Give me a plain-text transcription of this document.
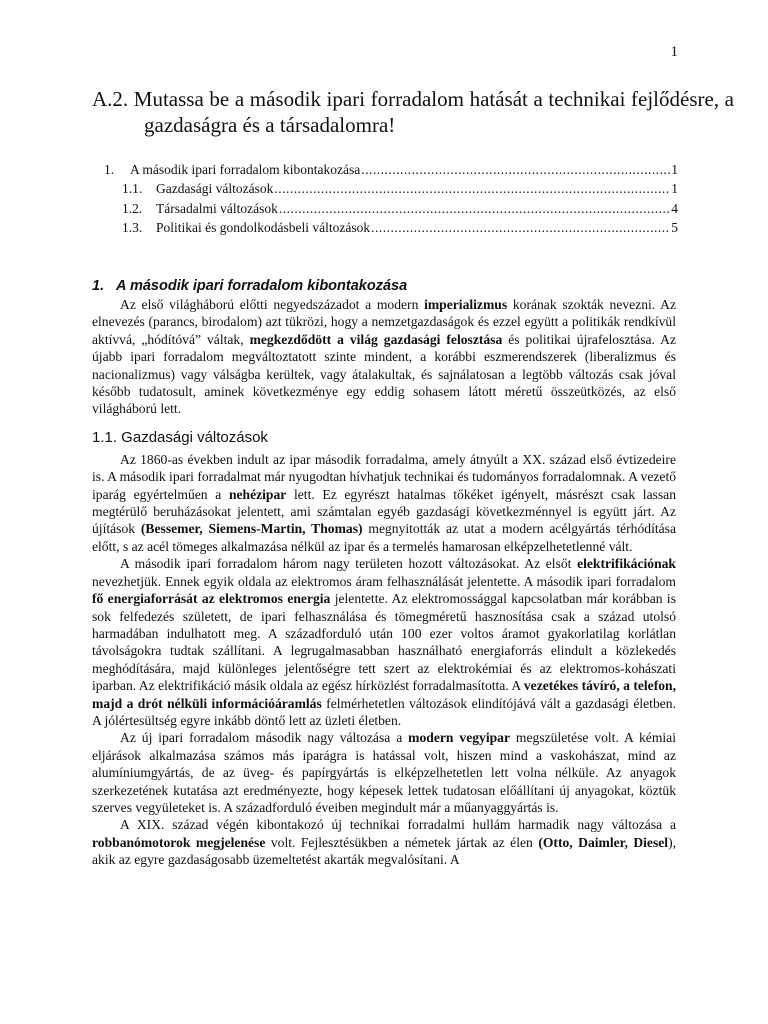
1
A.2. Mutassa be a második ipari forradalom hatását a technikai fejlődésre, a gazdaságra és a társadalomra!
1.	A második ipari forradalom kibontakozása .....	1
1.1.	Gazdasági változások .....	1
1.2.	Társadalmi változások .....	4
1.3.	Politikai és gondolkodásbeli változások .....	5
1. A második ipari forradalom kibontakozása

Az első világháború előtti negyedszázadot a modern imperializmus korának szokták nevezni. Az elnevezés (parancs, birodalom) azt tükrözi, hogy a nemzetgazdaságok és ezzel együtt a politikák rendkívül aktívvá, „hódítóvá” váltak, megkezdődött a világ gazdasági felosztása és politikai újrafelosztása. Az újabb ipari forradalom megváltoztatott szinte mindent, a korábbi eszmerendszerek (liberalizmus és nacionalizmus) vagy válságba kerültek, vagy átalakultak, és sajnálatosan a legtöbb változás csak jóval később tudatosult, aminek következménye egy eddig sohasem látott méretű összeütközés, az első világháború lett.

1.1. Gazdasági változások

Az 1860-as években indult az ipar második forradalma, amely átnyúlt a XX. század első évtizedeire is. A második ipari forradalmat már nyugodtan hívhatjuk technikai és tudományos forradalomnak. A vezető iparág egyértelműen a nehézipar lett. Ez egyrészt hatalmas tőkéket igényelt, másrészt csak lassan megtérülő beruházásokat jelentett, ami számtalan egyéb gazdasági következménnyel is együtt járt. Az újítások (Bessemer, Siemens-Martin, Thomas) megnyitották az utat a modern acélgyártás térhódítása előtt, s az acél tömeges alkalmazása nélkül az ipar és a termelés hamarosan elképzelhetetlenné vált.

A második ipari forradalom három nagy területen hozott változásokat. Az elsőt elektrifikációnak nevezhetjük. Ennek egyik oldala az elektromos áram felhasználását jelentette. A második ipari forradalom fő energiaforrását az elektromos energia jelentette. Az elektromossággal kapcsolatban már korábban is sok felfedezés született, de ipari felhasználása és tömegméretű hasznosítása csak a század utolsó harmadában indulhatott meg. A századforduló után 100 ezer voltos áramot gyakorlatilag korlátlan távolságokra tudtak szállítani. A legrugalmasabban használható energiaforrás elindult a közlekedés meghódítására, majd különleges jelentőségre tett szert az elektrokémiai és az elektromos-kohászati iparban. Az elektrifikáció másik oldala az egész hírközlést forradalmasította. A vezetékes távíró, a telefon, majd a drót nélküli információáramlás felmérhetetlen változások elindítójává vált a gazdasági életben. A jólértesültség egyre inkább döntő lett az üzleti életben.

Az új ipari forradalom második nagy változása a modern vegyipar megszületése volt. A kémiai eljárások alkalmazása számos más iparágra is hatással volt, hiszen mind a vaskohászat, mind az alumíniumgyártás, de az üveg- és papírgyártás is elképzelhetetlen lett volna nélküle. Az anyagok szerkezetének kutatása azt eredményezte, hogy képesek lettek tudatosan előállítani új anyagokat, köztük szerves vegyületeket is. A századforduló éveiben megindult már a műanyaggyártás is.

A XIX. század végén kibontakozó új technikai forradalmi hullám harmadik nagy változása a robbanómotorok megjelenése volt. Fejlesztésükben a németek jártak az élen (Otto, Daimler, Diesel), akik az egyre gazdaságosabb üzemeltetést akarták megvalósítani. A
